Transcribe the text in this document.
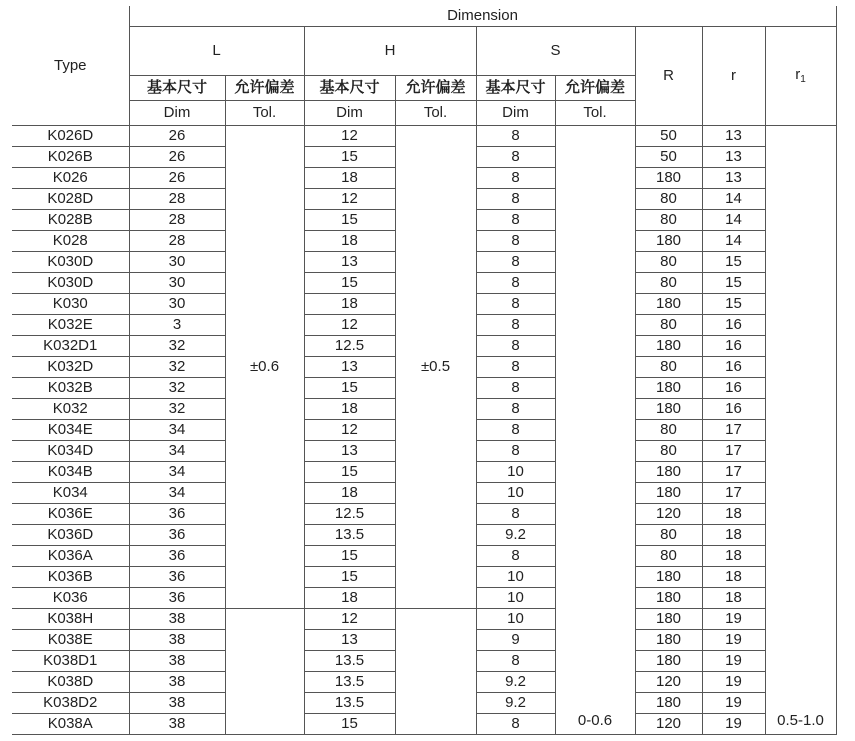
Type	Dimension								
	L		H		S		R	r	$r_1$
	基本尺寸	允许偏差	基本尺寸	允许偏差	基本尺寸	允许偏差			
	Dim	Tol.	Dim	Tol.	Dim	Tol.			
K026D	26	±0.6	12	±0.5	8	0-0.6	50	13	0.5-1.0
K026B	26		15		8		50	13	
K026	26		18		8		180	13	
K028D	28		12		8		80	14	
K028B	28		15		8		80	14	
K028	28		18		8		180	14	
K030D	30		13		8		80	15	
K030D	30		15		8		80	15	
K030	30		18		8		180	15	
K032E	3		12		8		80	16	
K032D1	32		12.5		8		180	16	
K032D	32		13		8		80	16	
K032B	32		15		8		180	16	
K032	32		18		8		180	16	
K034E	34		12		8		80	17	
K034D	34		13		8		80	17	
K034B	34		15		10		180	17	
K034	34		18		10		180	17	
K036E	36		12.5		8		120	18	
K036D	36		13.5		9.2		80	18	
K036A	36		15		8		80	18	
K036B	36		15		10		180	18	
K036	36		18		10		180	18	
K038H	38		12		10		180	19	
K038E	38		13		9		180	19	
K038D1	38		13.5		8		180	19	
K038D	38		13.5		9.2		120	19	
K038D2	38		13.5		9.2		180	19	
K038A	38		15		8		120	19	
